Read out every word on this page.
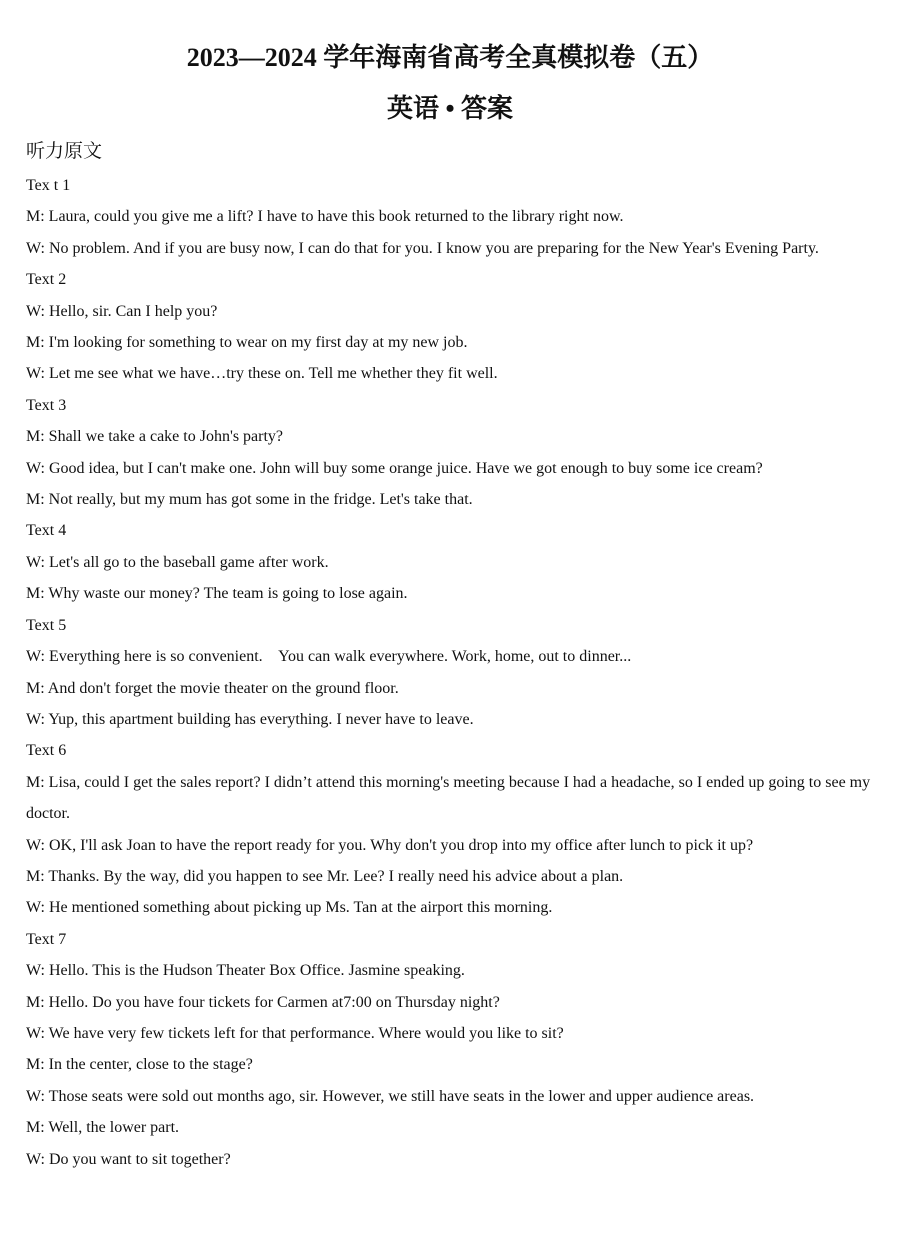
2023—2024 学年海南省高考全真模拟卷（五）
英语 • 答案
听力原文
Tex t 1
M: Laura, could you give me a lift? I have to have this book returned to the library right now.
W: No problem. And if you are busy now, I can do that for you. I know you are preparing for the New Year's Evening Party.
Text 2
W: Hello, sir. Can I help you?
M: I'm looking for something to wear on my first day at my new job.
W: Let me see what we have…try these on. Tell me whether they fit well.
Text 3
M: Shall we take a cake to John's party?
W: Good idea, but I can't make one. John will buy some orange juice. Have we got enough to buy some ice cream?
M: Not really, but my mum has got some in the fridge. Let's take that.
Text 4
W: Let's all go to the baseball game after work.
M: Why waste our money? The team is going to lose again.
Text 5
W: Everything here is so convenient.    You can walk everywhere. Work, home, out to dinner...
M: And don't forget the movie theater on the ground floor.
W: Yup, this apartment building has everything. I never have to leave.
Text 6
M: Lisa, could I get the sales report? I didn’t attend this morning's meeting because I had a headache, so I ended up going to see my doctor.
W: OK, I'll ask Joan to have the report ready for you. Why don't you drop into my office after lunch to pick it up?
M: Thanks. By the way, did you happen to see Mr. Lee? I really need his advice about a plan.
W: He mentioned something about picking up Ms. Tan at the airport this morning.
Text 7
W: Hello. This is the Hudson Theater Box Office. Jasmine speaking.
M: Hello. Do you have four tickets for Carmen at7:00 on Thursday night?
W: We have very few tickets left for that performance. Where would you like to sit?
M: In the center, close to the stage?
W: Those seats were sold out months ago, sir. However, we still have seats in the lower and upper audience areas.
M: Well, the lower part.
W: Do you want to sit together?
